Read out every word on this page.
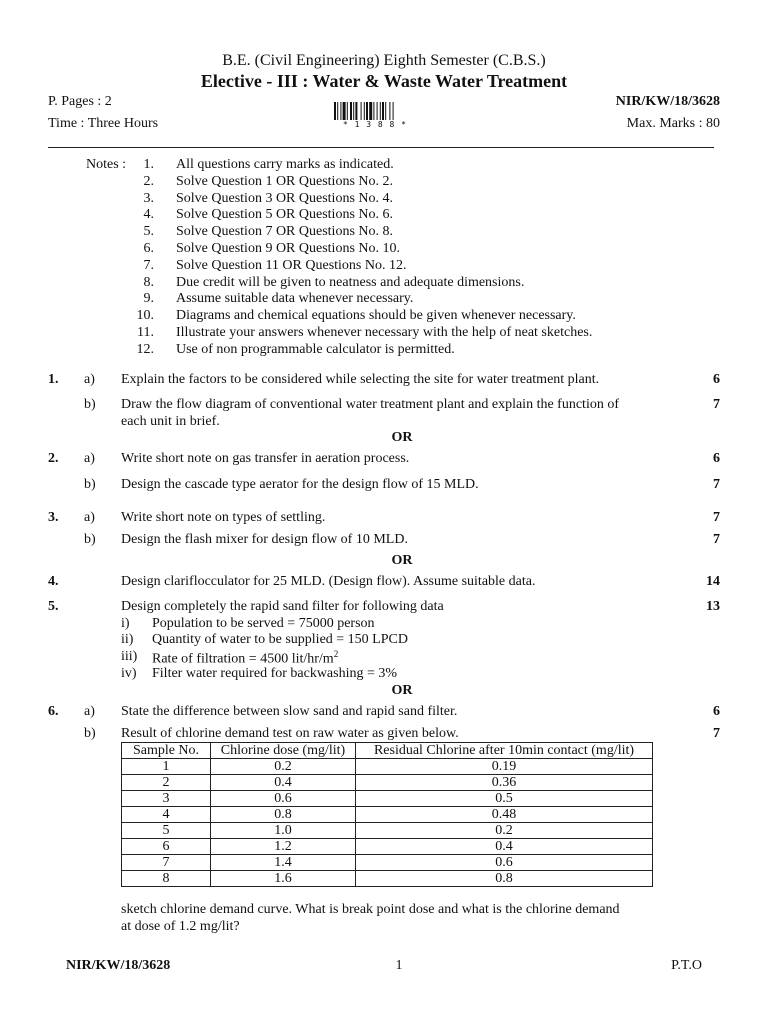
B.E. (Civil Engineering) Eighth Semester (C.B.S.)
Elective - III : Water & Waste Water Treatment
P. Pages : 2	NIR/KW/18/3628
Time : Three Hours	Max. Marks : 80
* 1 3 8 8 *
Notes :	1. All questions carry marks as indicated.
2. Solve Question 1 OR Questions No. 2.
3. Solve Question 3 OR Questions No. 4.
4. Solve Question 5 OR Questions No. 6.
5. Solve Question 7 OR Questions No. 8.
6. Solve Question 9 OR Questions No. 10.
7. Solve Question 11 OR Questions No. 12.
8. Due credit will be given to neatness and adequate dimensions.
9. Assume suitable data whenever necessary.
10. Diagrams and chemical equations should be given whenever necessary.
11. Illustrate your answers whenever necessary with the help of neat sketches.
12. Use of non programmable calculator is permitted.
1. a) Explain the factors to be considered while selecting the site for water treatment plant.	6
b) Draw the flow diagram of conventional water treatment plant and explain the function of
each unit in brief.
7
OR
2. a) Write short note on gas transfer in aeration process.	6
b) Design the cascade type aerator for the design flow of 15 MLD.	7
3. a) Write short note on types of settling.	7
b) Design the flash mixer for design flow of 10 MLD.	7
OR
4.	Design clariflocculator for 25 MLD. (Design flow). Assume suitable data.	14
5.	Design completely the rapid sand filter for following data	13
i) Population to be served = 75000 person
ii) Quantity of water to be supplied = 150 LPCD
iii) Rate of filtration = 4500 lit/$hr/m^2$
iv) Filter water required for backwashing = 3%
OR
6. a) State the difference between slow sand and rapid sand filter.	6
b) Result of chlorine demand test on raw water as given below.	7
Sample No.	Chlorine dose (mg/lit)	Residual Chlorine after 10min contact (mg/lit)
1	0.2	0.19
2	0.4	0.36
3	0.6	0.5
4	0.8	0.48
5	1.0	0.2
6	1.2	0.4
7	1.4	0.6
8	1.6	0.8
sketch chlorine demand curve. What is break point dose and what is the chlorine demand
at dose of 1.2 mg/lit?
NIR/KW/18/3628	1	P.T.O
